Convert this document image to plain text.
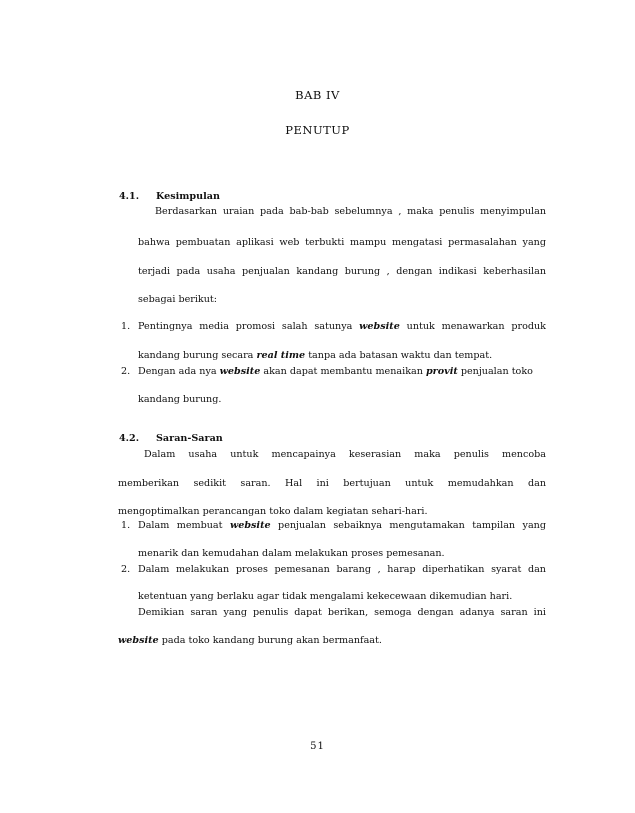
BAB IV

PENUTUP

4.1. Kesimpulan

Berdasarkan uraian pada bab-bab sebelumnya , maka penulis menyimpulan

bahwa pembuatan aplikasi web terbukti mampu mengatasi permasalahan yang

terjadi pada usaha penjualan kandang burung , dengan indikasi keberhasilan

sebagai berikut:

1. Pentingnya media promosi salah satunya website untuk menawarkan produk

kandang burung secara real time tanpa ada batasan waktu dan tempat.

2. Dengan ada nya website akan dapat membantu menaikan provit penjualan toko

kandang burung.

4.2. Saran-Saran

Dalam usaha untuk mencapainya keserasian maka penulis mencoba

memberikan sedikit saran. Hal ini bertujuan untuk memudahkan dan

mengoptimalkan perancangan toko dalam kegiatan sehari-hari.

1. Dalam membuat website penjualan sebaiknya mengutamakan tampilan yang

menarik dan kemudahan dalam melakukan proses pemesanan.

2. Dalam melakukan proses pemesanan barang , harap diperhatikan syarat dan

ketentuan yang berlaku agar tidak mengalami kekecewaan dikemudian hari.

Demikian saran yang penulis dapat berikan, semoga dengan adanya saran ini

website pada toko kandang burung akan bermanfaat.

51
